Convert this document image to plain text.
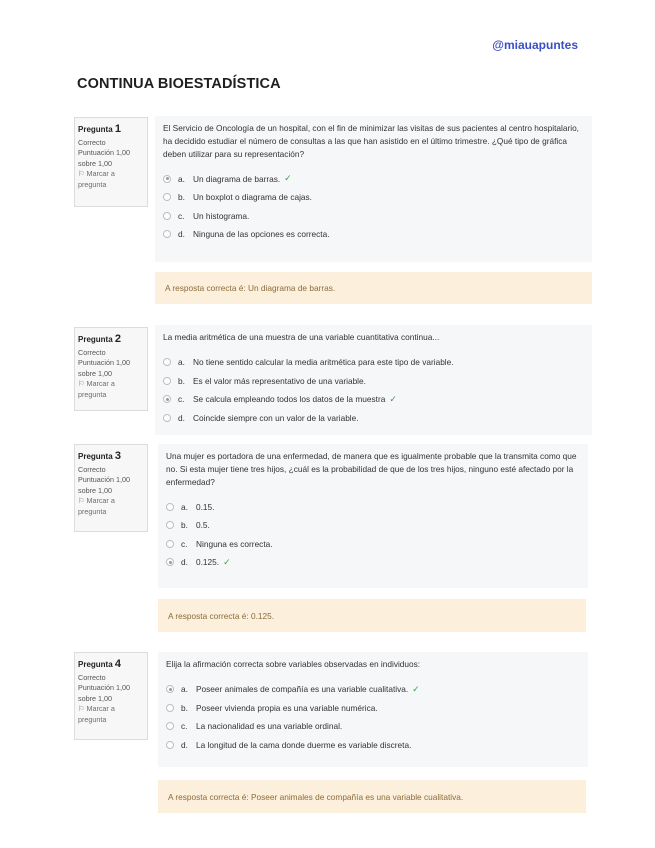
@miauapuntes
CONTINUA BIOESTADÍSTICA
Pregunta 1
Correcto
Puntuación 1,00 sobre 1,00
⚐ Marcar a pregunta
El Servicio de Oncología de un hospital, con el fin de minimizar las visitas de sus pacientes al centro hospitalario, ha decidido estudiar el número de consultas a las que han asistido en el último trimestre. ¿Qué tipo de gráfica deben utilizar para su representación?
a. Un diagrama de barras. ✓
b. Un boxplot o diagrama de cajas.
c.	Un histograma.
d. Ninguna de las opciones es correcta.
A resposta correcta é: Un diagrama de barras.
Pregunta 2
Correcto
Puntuación 1,00 sobre 1,00
⚐ Marcar a pregunta
La media aritmética de una muestra de una variable cuantitativa continua...
a. No tiene sentido calcular la media aritmética para este tipo de variable.
b. Es el valor más representativo de una variable.
c.	Se calcula empleando todos los datos de la muestra ✓
d. Coincide siempre con un valor de la variable.
Pregunta 3
Correcto
Puntuación 1,00 sobre 1,00
⚐ Marcar a pregunta
Una mujer es portadora de una enfermedad, de manera que es igualmente probable que la transmita como que no. Si esta mujer tiene tres hijos, ¿cuál es la probabilidad de que de los tres hijos, ninguno esté afectado por la enfermedad?
a. 0.15.
b. 0.5.
c.	Ninguna es correcta.
d. 0.125. ✓
A resposta correcta é: 0.125.
Pregunta 4
Correcto
Puntuación 1,00 sobre 1,00
⚐ Marcar a pregunta
Elija la afirmación correcta sobre variables observadas en individuos:
a. Poseer animales de compañía es una variable cualitativa. ✓
b. Poseer vivienda propia es una variable numérica.
c.	La nacionalidad es una variable ordinal.
d. La longitud de la cama donde duerme es variable discreta.
A resposta correcta é: Poseer animales de compañía es una variable cualitativa.
